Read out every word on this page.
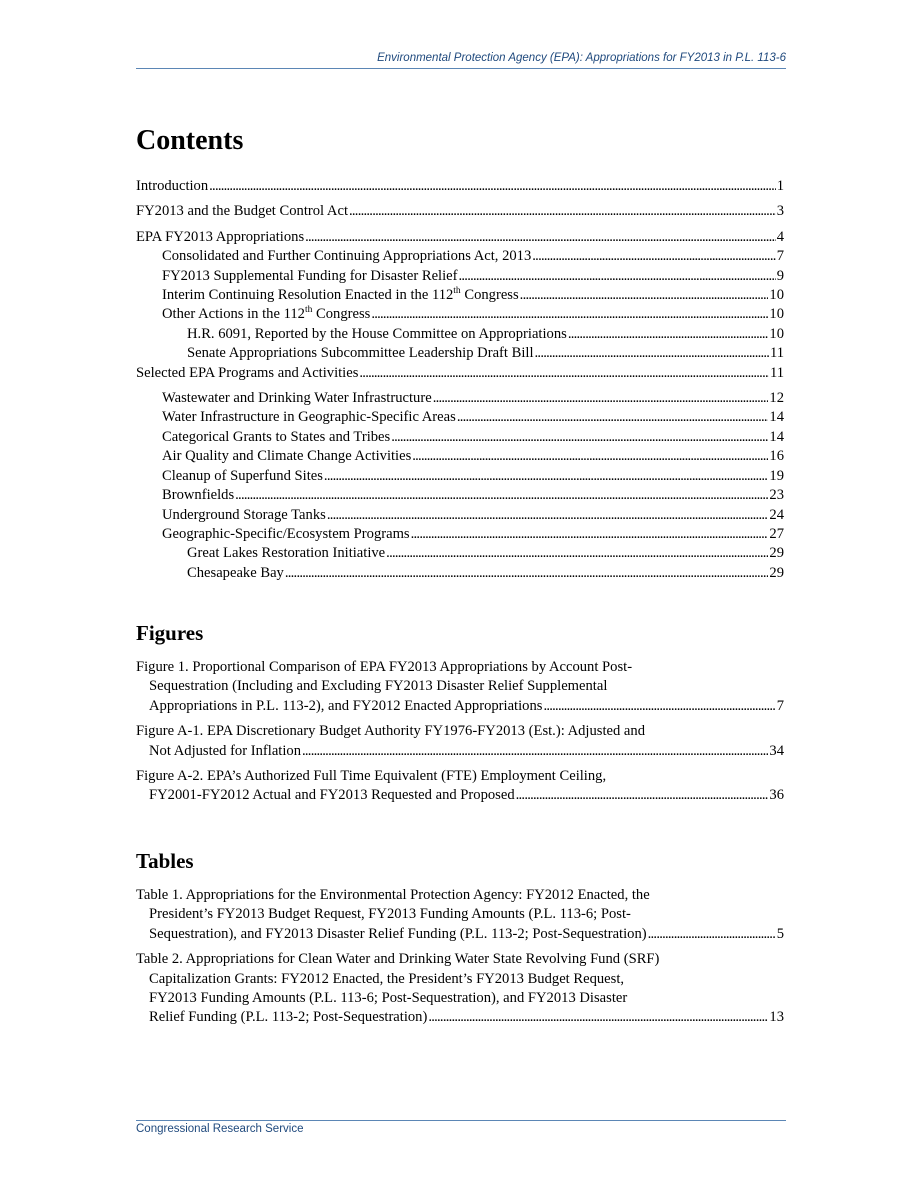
Environmental Protection Agency (EPA): Appropriations for FY2013 in P.L. 113-6
Contents
Introduction . . .	1
FY2013 and the Budget Control Act . . .	3
EPA FY2013 Appropriations . . .	4
Consolidated and Further Continuing Appropriations Act, 2013 . . .	7
FY2013 Supplemental Funding for Disaster Relief . . .	9
Interim Continuing Resolution Enacted in the 112th Congress . . .	10
Other Actions in the 112th Congress . . .	10
H.R. 6091, Reported by the House Committee on Appropriations . . .	10
Senate Appropriations Subcommittee Leadership Draft Bill . . .	11
Selected EPA Programs and Activities . . .	11
Wastewater and Drinking Water Infrastructure . . .	12
Water Infrastructure in Geographic-Specific Areas . . .	14
Categorical Grants to States and Tribes . . .	14
Air Quality and Climate Change Activities . . .	16
Cleanup of Superfund Sites . . .	19
Brownfields . . .	23
Underground Storage Tanks . . .	24
Geographic-Specific/Ecosystem Programs . . .	27
Great Lakes Restoration Initiative . . .	29
Chesapeake Bay . . .	29
Figures
Figure 1. Proportional Comparison of EPA FY2013 Appropriations by Account Post-
Sequestration (Including and Excluding FY2013 Disaster Relief Supplemental
Appropriations in P.L. 113-2), and FY2012 Enacted Appropriations . . .	7
Figure A-1. EPA Discretionary Budget Authority FY1976-FY2013 (Est.): Adjusted and
Not Adjusted for Inflation . . .	34
Figure A-2. EPA’s Authorized Full Time Equivalent (FTE) Employment Ceiling,
FY2001-FY2012 Actual and FY2013 Requested and Proposed . . .	36
Tables
Table 1. Appropriations for the Environmental Protection Agency: FY2012 Enacted, the
President’s FY2013 Budget Request, FY2013 Funding Amounts (P.L. 113-6; Post-
Sequestration), and FY2013 Disaster Relief Funding (P.L. 113-2; Post-Sequestration) . . .	5
Table 2. Appropriations for Clean Water and Drinking Water State Revolving Fund (SRF)
Capitalization Grants: FY2012 Enacted, the President’s FY2013 Budget Request,
FY2013 Funding Amounts (P.L. 113-6; Post-Sequestration), and FY2013 Disaster
Relief Funding (P.L. 113-2; Post-Sequestration) . . .	13
Congressional Research Service
